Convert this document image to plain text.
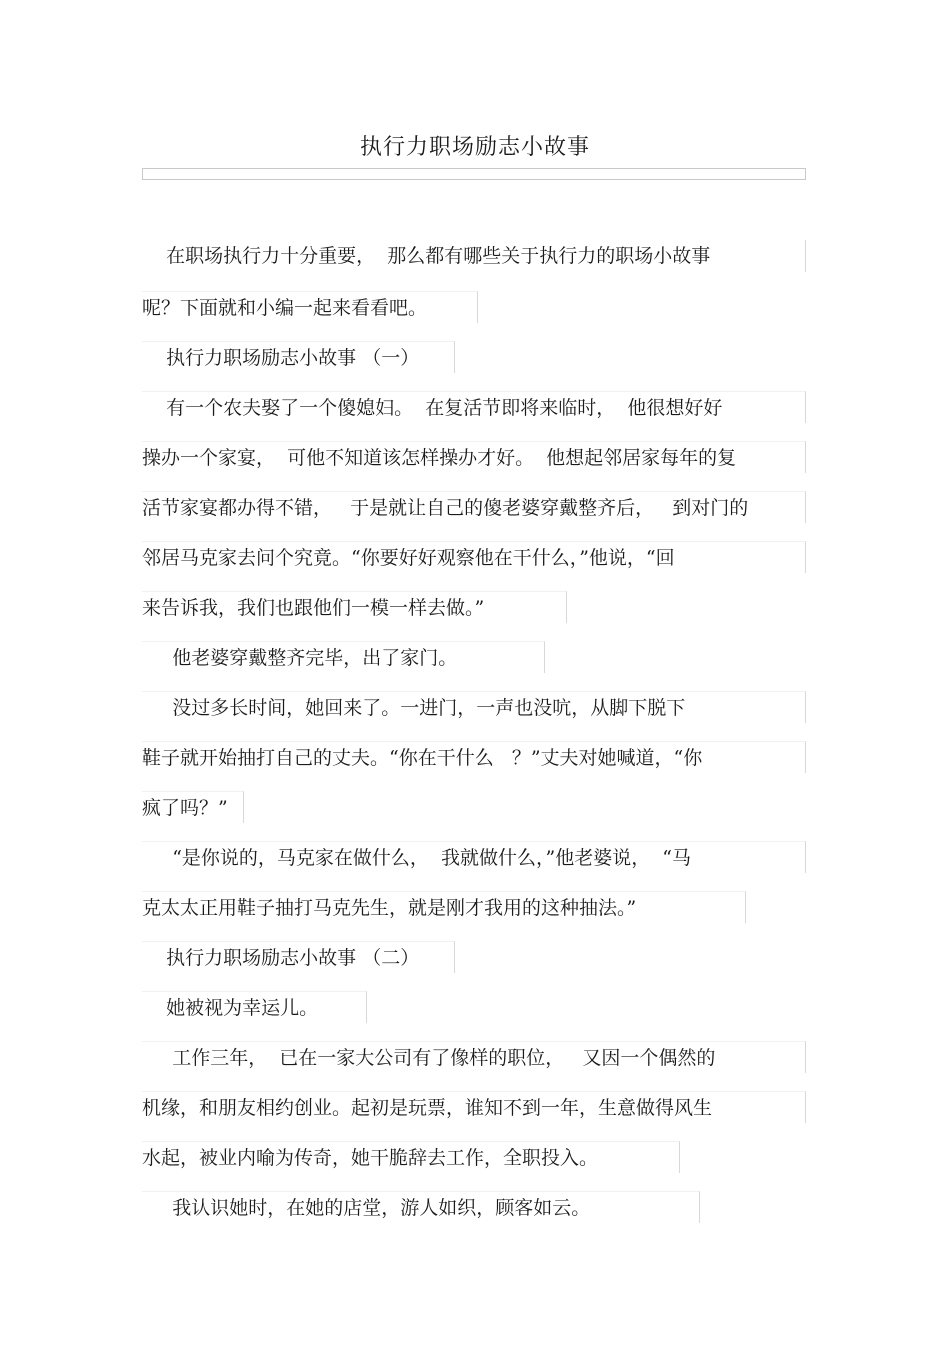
执行力职场励志小故事
在职场执行力十分重要，  那么都有哪些关于执行力的职场小故事
呢？下面就和小编一起来看看吧。
执行力职场励志小故事 （一）
有一个农夫娶了一个傻媳妇。  在复活节即将来临时，  他很想好好
操办一个家宴，  可他不知道该怎样操办才好。  他想起邻居家每年的复
活节家宴都办得不错，   于是就让自己的傻老婆穿戴整齐后，   到对门的
邻居马克家去问个究竟。“你要好好观察他在干什么，”他说，“回
来告诉我，我们也跟他们一模一样去做。”
他老婆穿戴整齐完毕，出了家门。
没过多长时间，她回来了。一进门，一声也没吭，从脚下脱下
鞋子就开始抽打自己的丈夫。“你在干什么   ？”丈夫对她喊道，“你
疯了吗？”
“是你说的，马克家在做什么，  我就做什么，”他老婆说，  “马
克太太正用鞋子抽打马克先生，就是刚才我用的这种抽法。”
执行力职场励志小故事 （二）
她被视为幸运儿。
工作三年，  已在一家大公司有了像样的职位，   又因一个偶然的
机缘，和朋友相约创业。起初是玩票，谁知不到一年，生意做得风生
水起，被业内喻为传奇，她干脆辞去工作，全职投入。
我认识她时，在她的店堂，游人如织，顾客如云。
